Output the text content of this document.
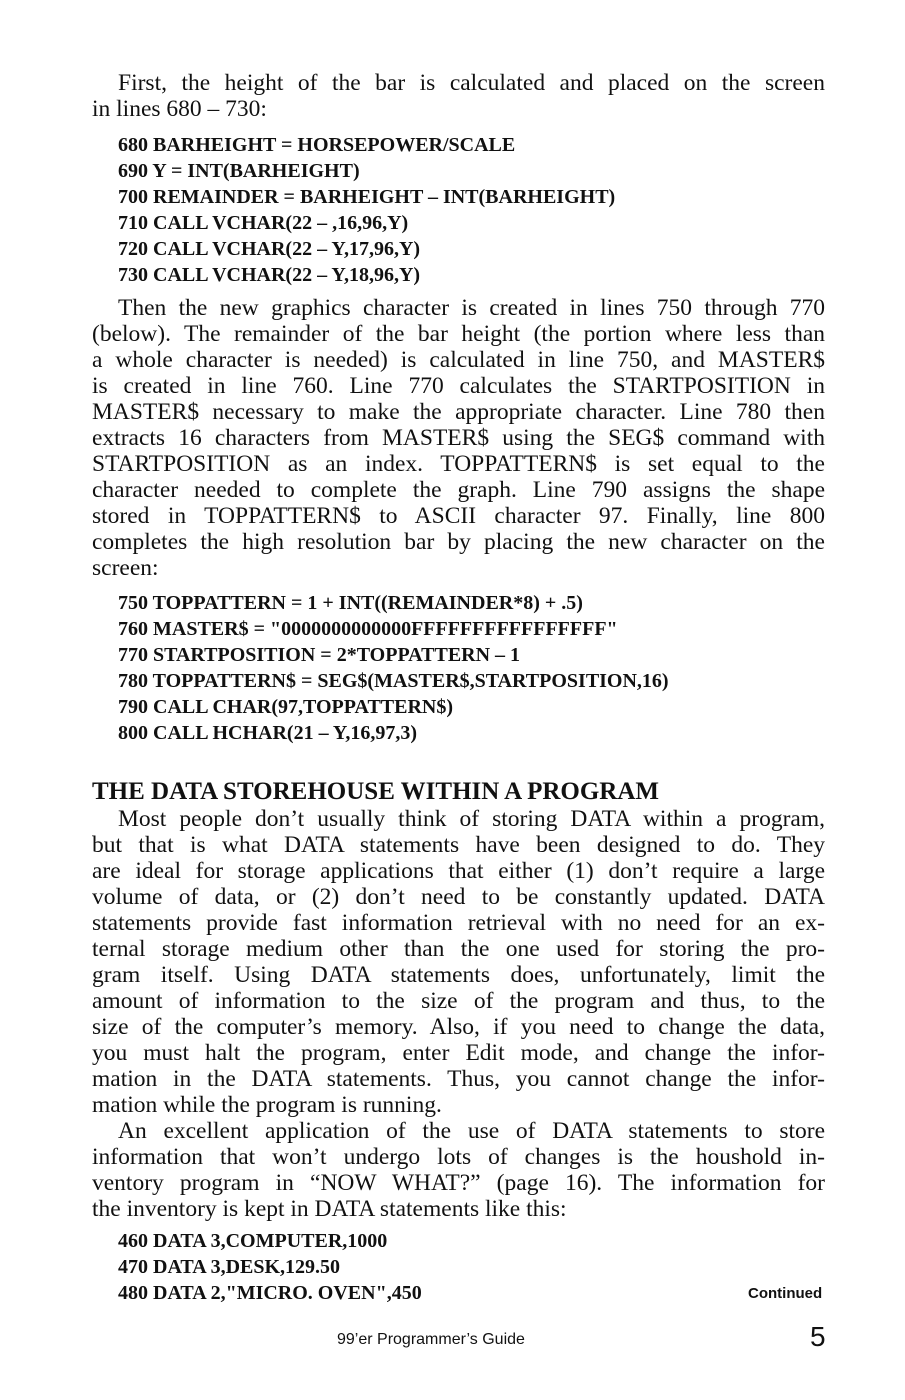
First, the height of the bar is calculated and placed on the screen
in lines 680 – 730:

680 BARHEIGHT = HORSEPOWER/SCALE
690 Y = INT(BARHEIGHT)
700 REMAINDER = BARHEIGHT – INT(BARHEIGHT)
710 CALL VCHAR(22 – ,16,96,Y)
720 CALL VCHAR(22 – Y,17,96,Y)
730 CALL VCHAR(22 – Y,18,96,Y)

Then the new graphics character is created in lines 750 through 770
(below). The remainder of the bar height (the portion where less than
a whole character is needed) is calculated in line 750, and MASTER$
is created in line 760. Line 770 calculates the STARTPOSITION in
MASTER$ necessary to make the appropriate character. Line 780 then
extracts 16 characters from MASTER$ using the SEG$ command with
STARTPOSITION as an index. TOPPATTERN$ is set equal to the
character needed to complete the graph. Line 790 assigns the shape
stored in TOPPATTERN$ to ASCII character 97. Finally, line 800
completes the high resolution bar by placing the new character on the
screen:

750 TOPPATTERN = 1 + INT((REMAINDER*8) + .5)
760 MASTER$ = "0000000000000FFFFFFFFFFFFFFFF"
770 STARTPOSITION = 2*TOPPATTERN – 1
780 TOPPATTERN$ = SEG$(MASTER$,STARTPOSITION,16)
790 CALL CHAR(97,TOPPATTERN$)
800 CALL HCHAR(21 – Y,16,97,3)
THE DATA STOREHOUSE WITHIN A PROGRAM

Most people don’t usually think of storing DATA within a program,
but that is what DATA statements have been designed to do. They
are ideal for storage applications that either (1) don’t require a large
volume of data, or (2) don’t need to be constantly updated. DATA
statements provide fast information retrieval with no need for an ex-
ternal storage medium other than the one used for storing the pro-
gram itself. Using DATA statements does, unfortunately, limit the
amount of information to the size of the program and thus, to the
size of the computer’s memory. Also, if you need to change the data,
you must halt the program, enter Edit mode, and change the infor-
mation in the DATA statements. Thus, you cannot change the infor-
mation while the program is running.

An excellent application of the use of DATA statements to store
information that won’t undergo lots of changes is the houshold in-
ventory program in “NOW WHAT?” (page 16). The information for
the inventory is kept in DATA statements like this:

460 DATA 3,COMPUTER,1000
470 DATA 3,DESK,129.50
480 DATA 2,"MICRO. OVEN",450	Continued
99’er Programmer’s Guide	5
